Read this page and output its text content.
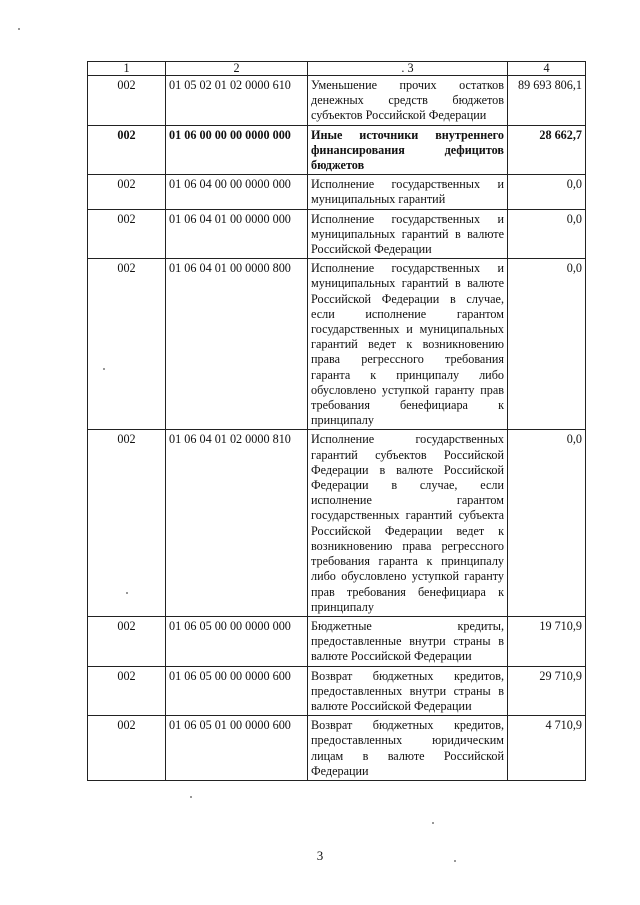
1	2	. 3	4
002	01 05 02 01 02 0000 610	Уменьшение прочих остатков денежных средств бюджетов субъектов Российской Федерации	89 693 806,1
002	01 06 00 00 00 0000 000	Иные источники внутреннего финансирования дефицитов бюджетов	28 662,7
002	01 06 04 00 00 0000 000	Исполнение государственных и муниципальных гарантий	0,0
002	01 06 04 01 00 0000 000	Исполнение государственных и муниципальных гарантий в валюте Российской Федерации	0,0
002	01 06 04 01 00 0000 800	Исполнение государственных и муниципальных гарантий в валюте Российской Федерации в случае, если исполнение гарантом государственных и муниципальных гарантий ведет к возникновению права регрессного требования гаранта к принципалу либо обусловлено уступкой гаранту прав требования бенефициара к принципалу	0,0
002	01 06 04 01 02 0000 810	Исполнение государственных гарантий субъектов Российской Федерации в валюте Российской Федерации в случае, если исполнение гарантом государственных гарантий субъекта Российской Федерации ведет к возникновению права регрессного требования гаранта к принципалу либо обусловлено уступкой гаранту прав требования бенефициара к принципалу	0,0
002	01 06 05 00 00 0000 000	Бюджетные кредиты, предоставленные внутри страны в валюте Российской Федерации	19 710,9
002	01 06 05 00 00 0000 600	Возврат бюджетных кредитов, предоставленных внутри страны в валюте Российской Федерации	29 710,9
002	01 06 05 01 00 0000 600	Возврат бюджетных кредитов, предоставленных юридическим лицам в валюте Российской Федерации	4 710,9
3
